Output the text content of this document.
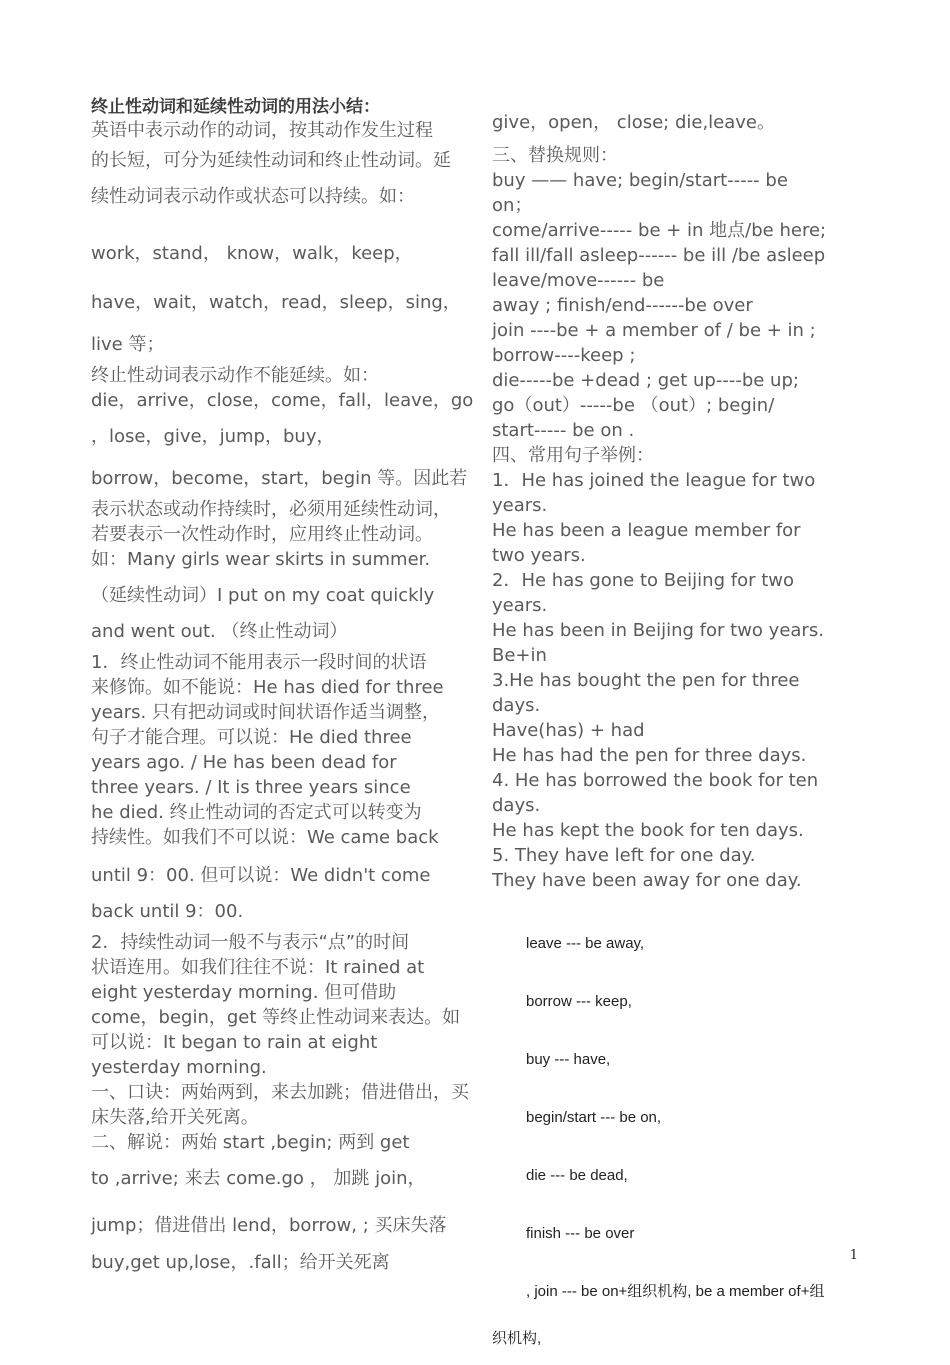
终止性动词和延续性动词的用法小结：

英语中表示动作的动词，按其动作发生过程

的长短，可分为延续性动词和终止性动词。延

续性动词表示动作或状态可以持续。如：

work，stand， know，walk，keep，

have，wait，watch，read，sleep，sing，

live 等；

终止性动词表示动作不能延续。如：

die，arrive，close，come，fall，leave，go

，lose，give，jump，buy，

borrow，become，start，begin 等。因此若

表示状态或动作持续时，必须用延续性动词，

若要表示一次性动作时，应用终止性动词。

如：Many girls wear skirts in summer.

（延续性动词）I put on my coat quickly

and went out. （终止性动词）

1．终止性动词不能用表示一段时间的状语

来修饰。如不能说：He has died for three

years. 只有把动词或时间状语作适当调整，

句子才能合理。可以说：He died three

years ago. / He has been dead for

three years. / It is three years since

he died. 终止性动词的否定式可以转变为

持续性。如我们不可以说：We came back

until 9：00. 但可以说：We didn't come

back until 9：00.

2．持续性动词一般不与表示“点”的时间

状语连用。如我们往往不说：It rained at

eight yesterday morning. 但可借助

come，begin，get 等终止性动词来表达。如

可以说：It began to rain at eight

yesterday morning.

一、口诀：两始两到，来去加跳；借进借出，买

床失落,给开关死离。

二、解说：两始 start ,begin; 两到 get

to ,arrive; 来去 come.go ， 加跳 join，

jump；借进借出 lend，borrow, ; 买床失落

buy,get up,lose，.fall；给开关死离

give，open， close; die,leave。

三、替换规则：

buy —— have; begin/start----- be

on；

come/arrive----- be + in 地点/be here;

fall ill/fall asleep------ be ill /be asleep

leave/move------ be

away ; finish/end------be over

join ----be + a member of / be + in ;

borrow----keep ;

die-----be +dead ; get up----be up;

go（out）-----be （out）; begin/

start----- be on .

四、常用句子举例：

1．He has joined the league for two

years.

He has been a league member for

two years.

2．He has gone to Beijing for two

years.

He has been in Beijing for two years.

Be+in

3.He has bought the pen for three

days.

Have(has) + had

He has had the pen for three days.

4. He has borrowed the book for ten

days.

He has kept the book for ten days.

5. They have left for one day.

They have been away for one day.

leave --- be away,

borrow --- keep,

buy --- have,

begin/start --- be on,

die --- be dead,

finish --- be over

, join --- be on+组织机构, be a member of+组

织机构,

1
